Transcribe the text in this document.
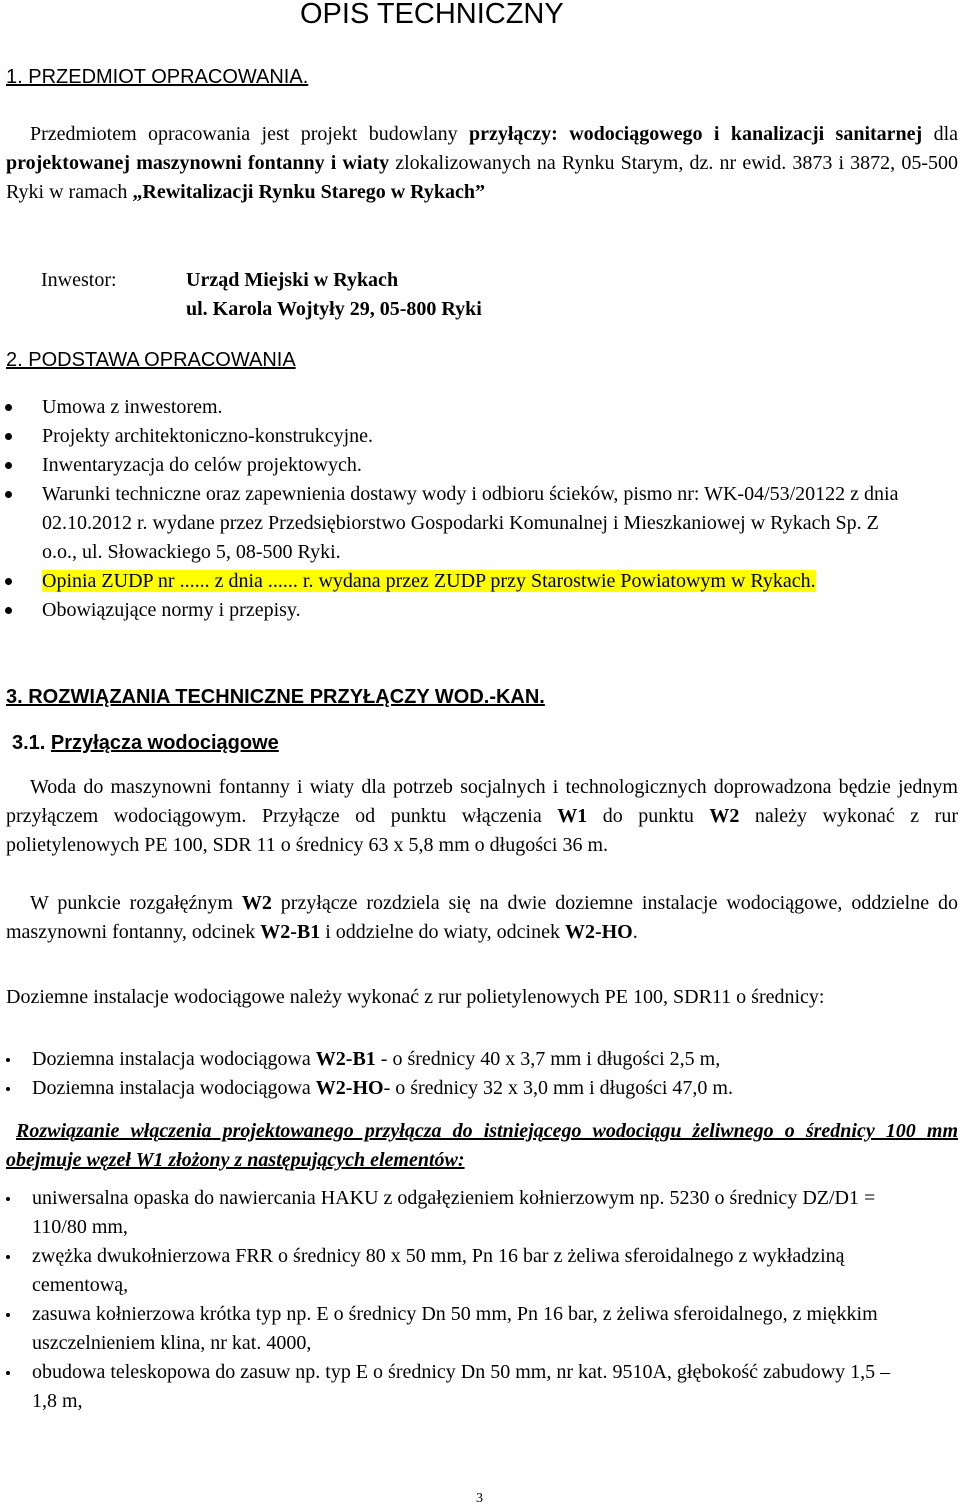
OPIS TECHNICZNY
1. PRZEDMIOT OPRACOWANIA.
Przedmiotem opracowania jest projekt budowlany przyłączy: wodociągowego i kanalizacji sanitarnej dla projektowanej maszynowni fontanny i wiaty zlokalizowanych na Rynku Starym, dz. nr ewid. 3873 i 3872, 05-500 Ryki w ramach „Rewitalizacji Rynku Starego w Rykach”
Inwestor:	Urząd Miejski w Rykach
ul. Karola Wojtyły 29, 05-800 Ryki
2. PODSTAWA OPRACOWANIA
Umowa z inwestorem.
Projekty architektoniczno-konstrukcyjne.
Inwentaryzacja do celów projektowych.
Warunki techniczne oraz zapewnienia dostawy wody i odbioru ścieków, pismo nr: WK-04/53/20122 z dnia 02.10.2012 r. wydane przez Przedsiębiorstwo Gospodarki Komunalnej i Mieszkaniowej w Rykach Sp. Z o.o., ul. Słowackiego 5, 08-500 Ryki.
Opinia ZUDP nr ...... z dnia ...... r. wydana przez ZUDP przy Starostwie Powiatowym w Rykach.
Obowiązujące normy i przepisy.
3. ROZWIĄZANIA TECHNICZNE PRZYŁĄCZY WOD.-KAN.
3.1. Przyłącza wodociągowe
Woda do maszynowni fontanny i wiaty dla potrzeb socjalnych i technologicznych doprowadzona będzie jednym przyłączem wodociągowym. Przyłącze od punktu włączenia W1 do punktu W2 należy wykonać z rur polietylenowych PE 100, SDR 11 o średnicy 63 x 5,8 mm o długości 36 m.
W punkcie rozgałęźnym W2 przyłącze rozdziela się na dwie doziemne instalacje wodociągowe, oddzielne do maszynowni fontanny, odcinek W2-B1 i oddzielne do wiaty, odcinek W2-HO.
Doziemne instalacje wodociągowe należy wykonać z rur polietylenowych PE 100, SDR11 o średnicy:
Doziemna instalacja wodociągowa W2-B1 - o średnicy 40 x 3,7 mm i długości 2,5 m,
Doziemna instalacja wodociągowa W2-HO- o średnicy 32 x 3,0 mm i długości 47,0 m.
Rozwiązanie włączenia projektowanego przyłącza do istniejącego wodociągu żeliwnego o średnicy 100 mm obejmuje węzeł W1 złożony z następujących elementów:
uniwersalna opaska do nawiercania HAKU z odgałęzieniem kołnierzowym np. 5230 o średnicy DZ/D1 = 110/80 mm,
zwężka dwukołnierzowa FRR o średnicy 80 x 50 mm, Pn 16 bar z żeliwa sferoidalnego z wykładziną cementową,
zasuwa kołnierzowa krótka typ np. E o średnicy Dn 50 mm, Pn 16 bar, z żeliwa sferoidalnego, z miękkim uszczelnieniem klina, nr kat. 4000,
obudowa teleskopowa do zasuw np. typ E o średnicy Dn 50 mm, nr kat. 9510A, głębokość zabudowy 1,5 – 1,8 m,
3
